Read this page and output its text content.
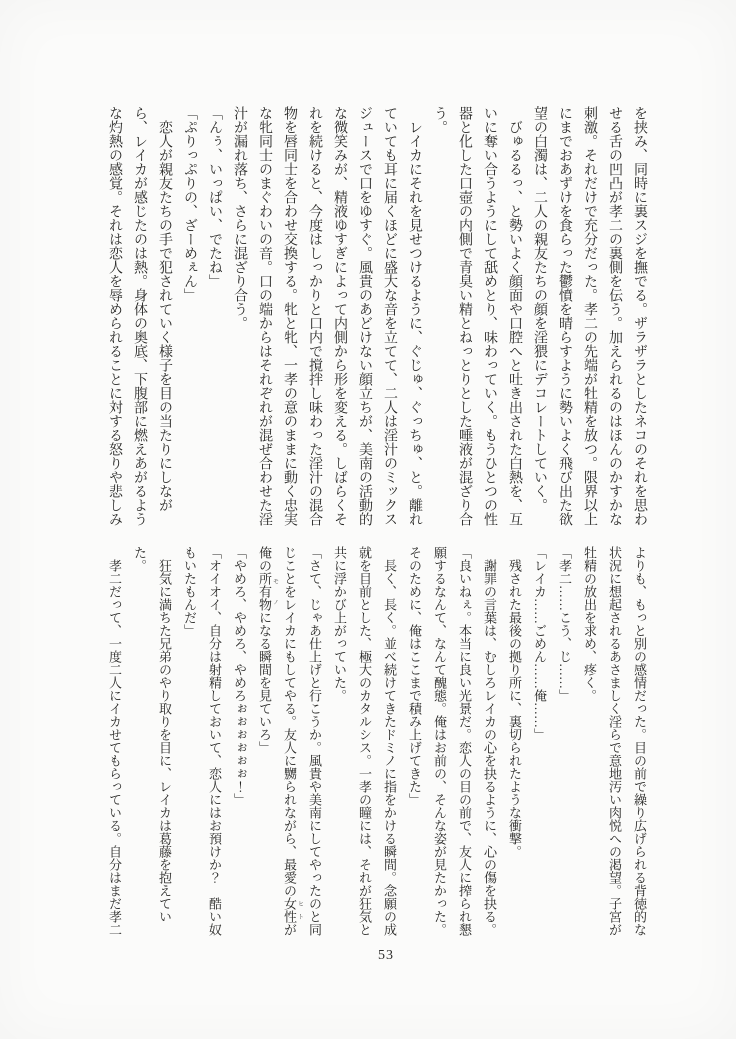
を挟み、同時に裏スジを撫でる。ザラザラとしたネコのそれを思わせる舌の凹凸が孝二の裏側を伝う。加えられるのはほんのかすかな刺激。それだけで充分だった。孝二の先端が牡精を放つ。限界以上にまでおあずけを食らった鬱憤を晴らすように勢いよく飛び出た欲望の白濁は、二人の親友たちの顔を淫猥にデコレートしていく。

　びゅるるっ、と勢いよく顔面や口腔へと吐き出された白熱を、互いに奪い合うようにして舐めとり、味わっていく。もうひとつの性器と化した口壺の内側で青臭い精とねっとりとした唾液が混ざり合う。

　レイカにそれを見せつけるように、ぐじゅ、ぐっちゅ、と。離れていても耳に届くほどに盛大な音を立てて、二人は淫汁のミックスジュースで口をゆすぐ。風貴のあどけない顔立ちが、美南の活動的な微笑みが、精液ゆすぎによって内側から形を変える。しばらくそれを続けると、今度はしっかりと口内で撹拌し味わった淫汁の混合物を唇同士を合わせ交換する。牝と牝、一孝の意のままに動く忠実な牝同士のまぐわいの音。口の端からはそれぞれが混ぜ合わせた淫汁が漏れ落ち、さらに混ざり合う。

「んぅ、いっぱい、でたね」

「ぷりっぷりの、ざーめぇん」

　恋人が親友たちの手で犯されていく様子を目の当たりにしながら、レイカが感じたのは熱。身体の奥底、下腹部に燃えあがるような灼熱の感覚。それは恋人を辱められることに対する怒りや悲しみ

よりも、もっと別の感情だった。目の前で繰り広げられる背徳的な状況に想起されるあさましく淫らで意地汚い肉悦への渇望。子宮が牡精の放出を求め、疼く。

「孝二……こう、じ……」

「レイカ……ごめん……俺……」

　残された最後の拠り所に、裏切られたような衝撃。

　謝罪の言葉は、むしろレイカの心を抉るように、心の傷を抉る。

「良いねぇ。本当に良い光景だ。恋人の目の前で、友人に搾られ懇願するなんて、なんて醜態。俺はお前の、そんな姿が見たかった。そのために、俺はここまで積み上げてきた」

　長く、長く。並べ続けてきたドミノに指をかける瞬間。念願の成就を目前とした、極大のカタルシス。一孝の瞳には、それが狂気と共に浮かび上がっていた。

「さて、じゃあ仕上げと行こうか。風貴や美南にしてやったのと同じことをレイカにもしてやる。友人に嬲られながら、最愛の女性 ヒトが俺の所有物 モノになる瞬間を見ていろ」

「やめろ、やめろ、やめろぉぉぉぉぉぉ！」

「オイオイ、自分は射精しておいて、恋人にはお預けか？　酷い奴もいたもんだ」

　狂気に満ちた兄弟のやり取りを目に、レイカは葛藤を抱えていた。

　孝二だって、一度二人にイカせてもらっている。自分はまだ孝二

53
